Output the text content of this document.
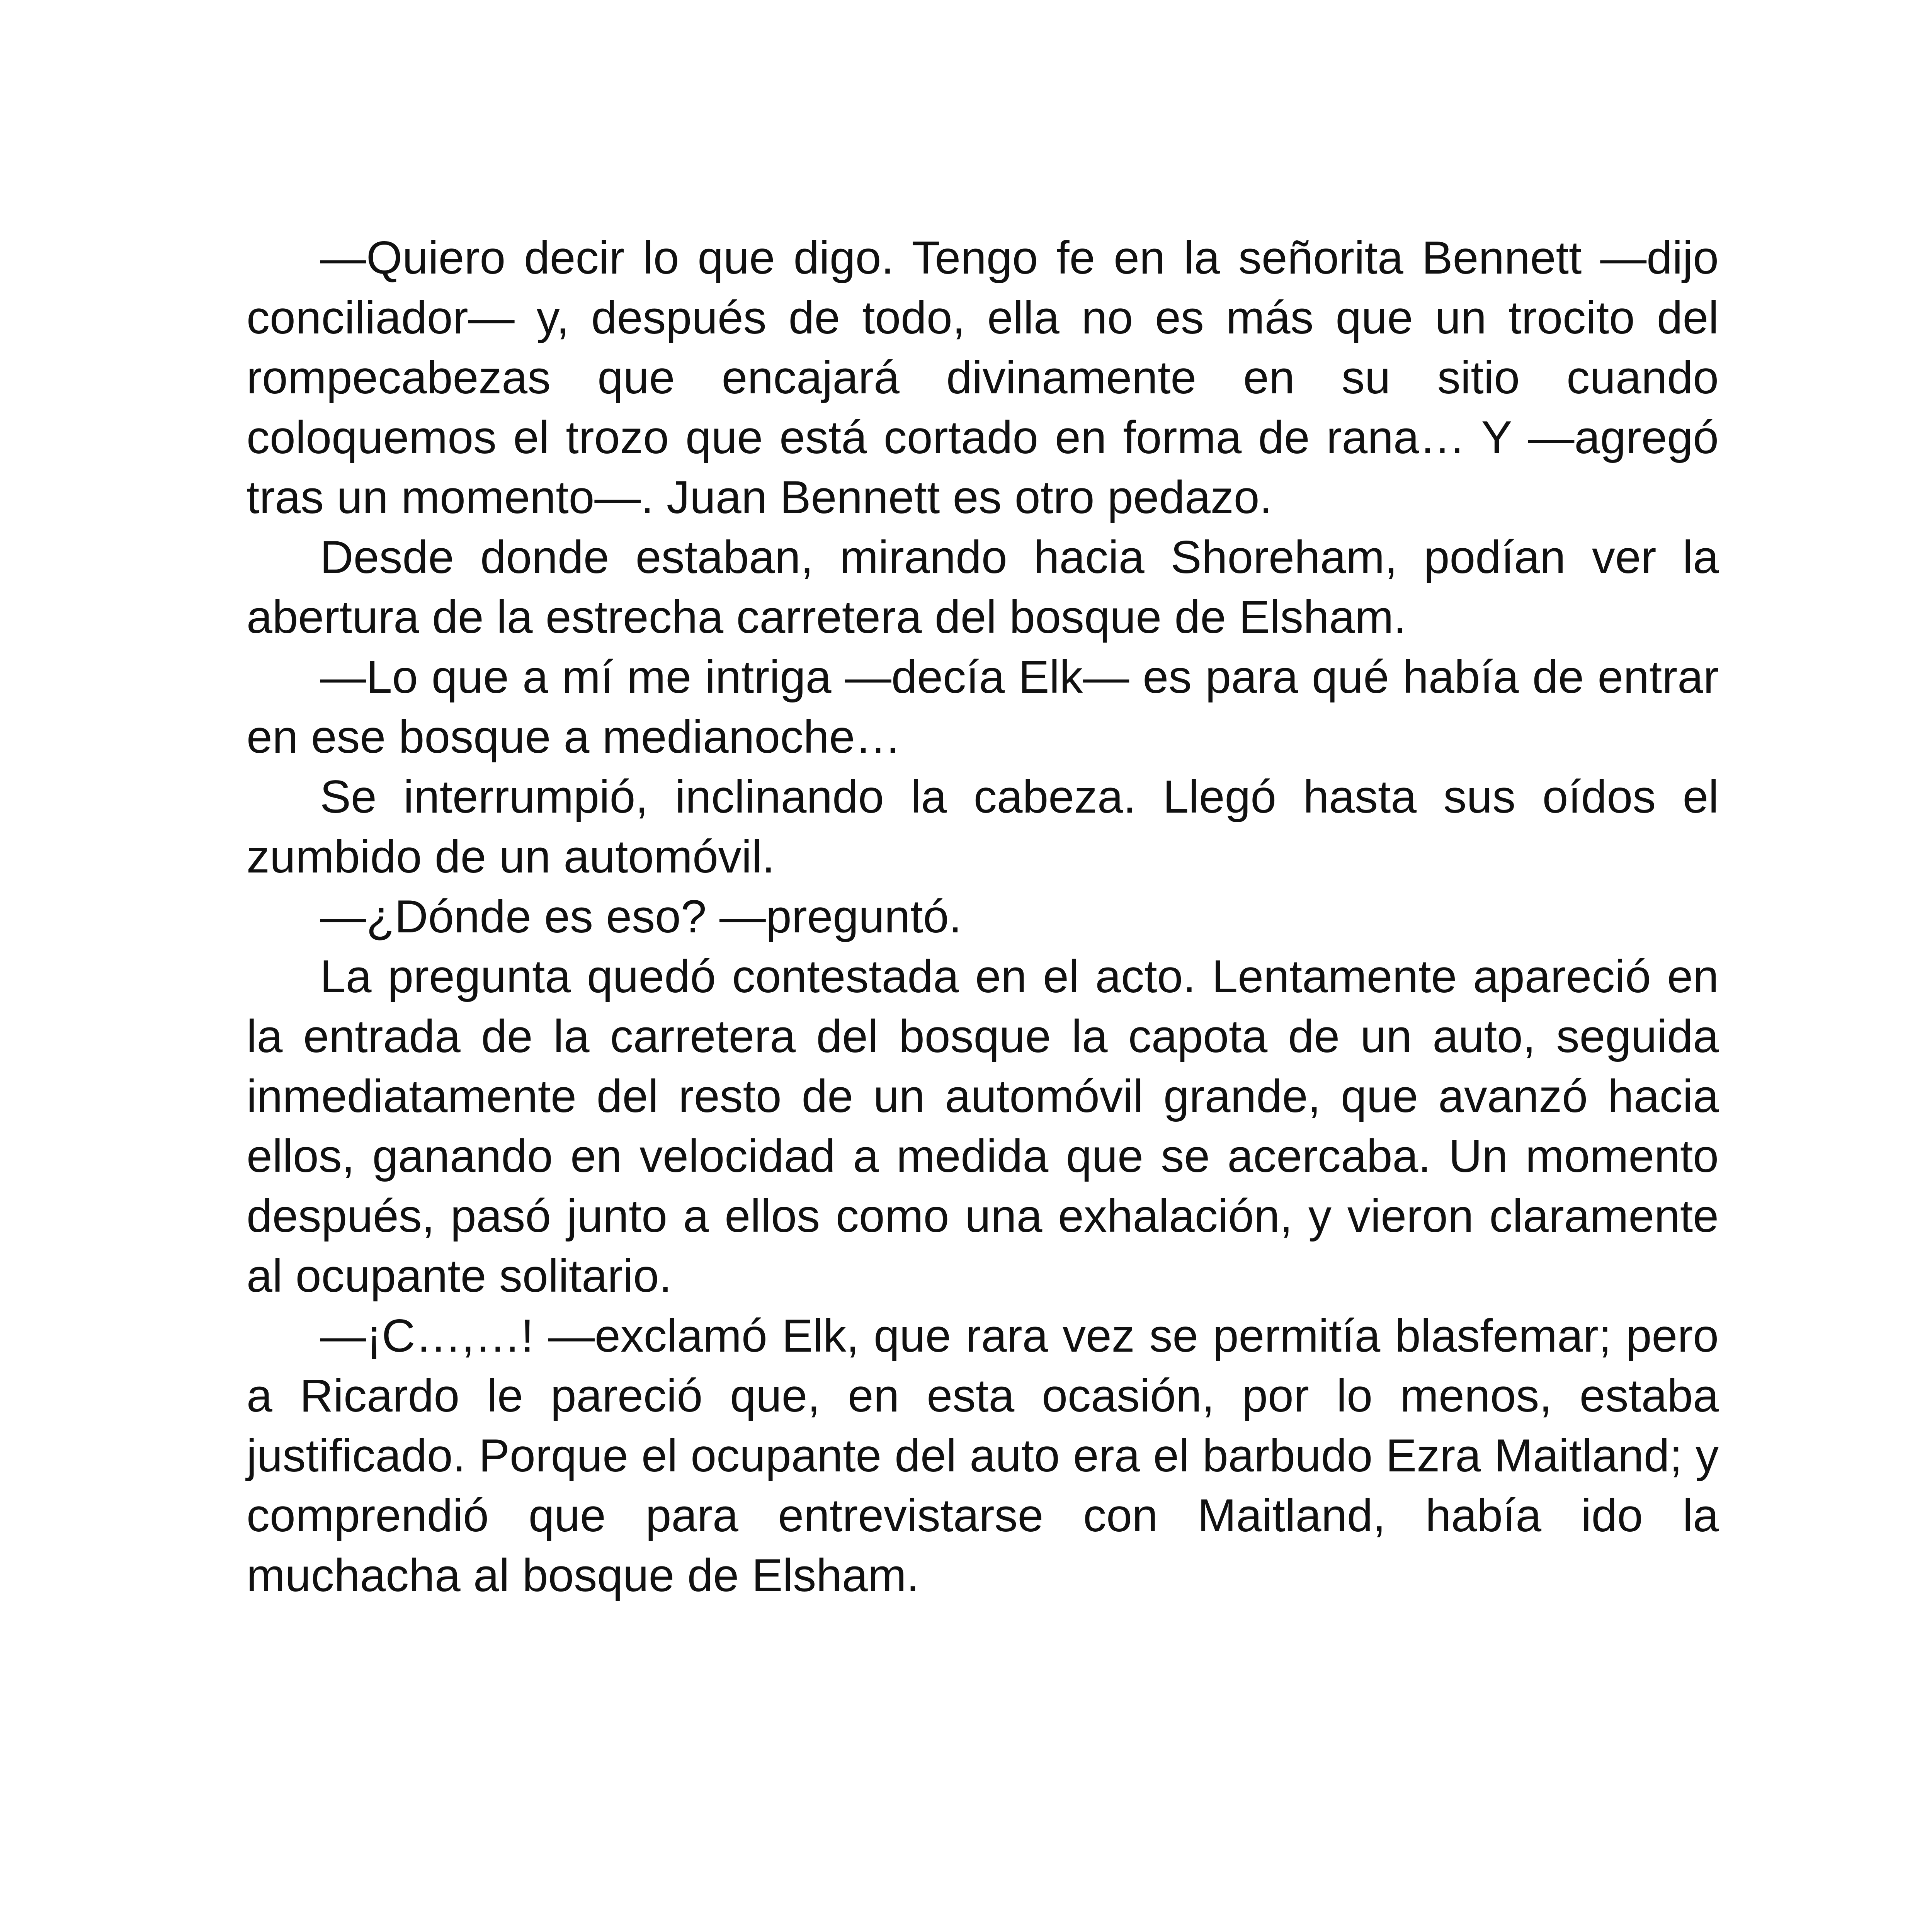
—Quiero decir lo que digo. Tengo fe en la señorita Bennett —dijo conciliador— y, después de todo, ella no es más que un trocito del rompecabezas que encajará divinamente en su sitio cuando coloquemos el trozo que está cortado en forma de rana… Y —agregó tras un momento—. Juan Bennett es otro pedazo.

Desde donde estaban, mirando hacia Shoreham, podían ver la abertura de la estrecha carretera del bosque de Elsham.

—Lo que a mí me intriga —decía Elk— es para qué había de entrar en ese bosque a medianoche…

Se interrumpió, inclinando la cabeza. Llegó hasta sus oídos el zumbido de un automóvil.

—¿Dónde es eso? —preguntó.

La pregunta quedó contestada en el acto. Lentamente apareció en la entrada de la carretera del bosque la capota de un auto, seguida inmediatamente del resto de un automóvil grande, que avanzó hacia ellos, ganando en velocidad a medida que se acercaba. Un momento después, pasó junto a ellos como una exhalación, y vieron claramente al ocupante solitario.

—¡C…,…! —exclamó Elk, que rara vez se permitía blasfemar; pero a Ricardo le pareció que, en esta ocasión, por lo menos, estaba justificado. Porque el ocupante del auto era el barbudo Ezra Maitland; y comprendió que para entrevistarse con Maitland, había ido la muchacha al bosque de Elsham.
